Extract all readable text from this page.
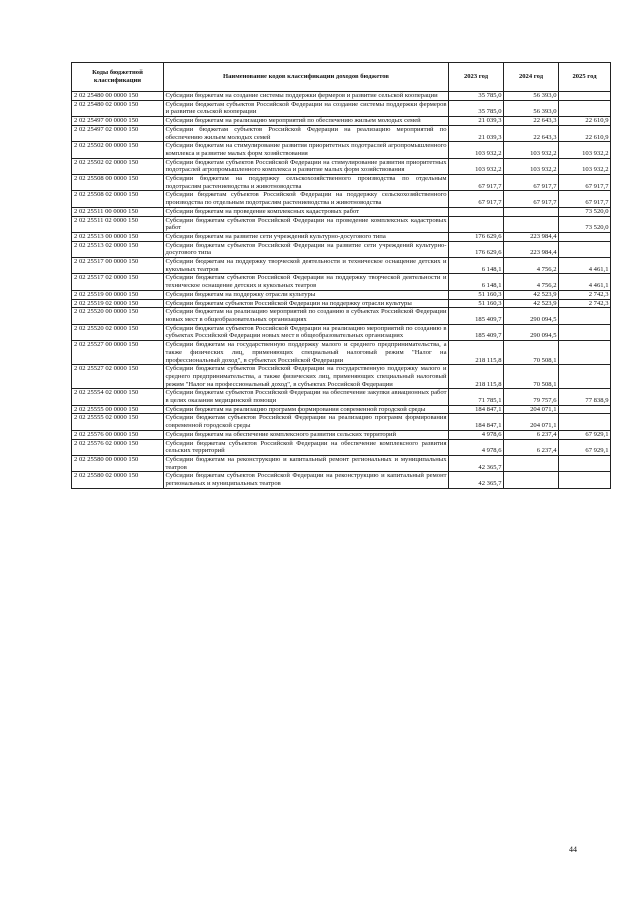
Коды бюджетной классификации	Наименование кодов классификации доходов бюджетов	2023 год	2024 год	2025 год
2 02 25480 00 0000 150	Субсидии бюджетам на создание системы поддержки фермеров и развитие сельской кооперации	35 785,0	56 393,0	
2 02 25480 02 0000 150	Субсидии бюджетам субъектов Российской Федерации на создание системы поддержки фермеров и развитие сельской кооперации	35 785,0	56 393,0	
2 02 25497 00 0000 150	Субсидии бюджетам на реализацию мероприятий по обеспечению жильем молодых семей	21 039,3	22 643,3	22 610,9
2 02 25497 02 0000 150	Субсидии бюджетам субъектов Российской Федерации на реализацию мероприятий по обеспечению жильем молодых семей	21 039,3	22 643,3	22 610,9
2 02 25502 00 0000 150	Субсидии бюджетам на стимулирование развития приоритетных подотраслей агропромышленного комплекса и развитие малых форм хозяйствования	103 932,2	103 932,2	103 932,2
2 02 25502 02 0000 150	Субсидии бюджетам субъектов Российской Федерации на стимулирование развития приоритетных подотраслей агропромышленного комплекса и развитие малых форм хозяйствования	103 932,2	103 932,2	103 932,2
2 02 25508 00 0000 150	Субсидии бюджетам на поддержку сельскохозяйственного производства по отдельным подотраслям растениеводства и животноводства	67 917,7	67 917,7	67 917,7
2 02 25508 02 0000 150	Субсидии бюджетам субъектов Российской Федерации на поддержку сельскохозяйственного производства по отдельным подотраслям растениеводства и животноводства	67 917,7	67 917,7	67 917,7
2 02 25511 00 0000 150	Субсидии бюджетам на проведение комплексных кадастровых работ			73 520,0
2 02 25511 02 0000 150	Субсидии бюджетам субъектов Российской Федерации на проведение комплексных кадастровых работ			73 520,0
2 02 25513 00 0000 150	Субсидии бюджетам на развитие сети учреждений культурно-досугового типа	176 629,6	223 984,4	
2 02 25513 02 0000 150	Субсидии бюджетам субъектов Российской Федерации на развитие сети учреждений культурно-досугового типа	176 629,6	223 984,4	
2 02 25517 00 0000 150	Субсидии бюджетам на поддержку творческой деятельности и техническое оснащение детских и кукольных театров	6 148,1	4 756,2	4 461,1
2 02 25517 02 0000 150	Субсидии бюджетам субъектов Российской Федерации на поддержку творческой деятельности и техническое оснащение детских и кукольных театров	6 148,1	4 756,2	4 461,1
2 02 25519 00 0000 150	Субсидии бюджетам на поддержку отрасли культуры	51 160,3	42 523,9	2 742,3
2 02 25519 02 0000 150	Субсидии бюджетам субъектов Российской Федерации на поддержку отрасли культуры	51 160,3	42 523,9	2 742,3
2 02 25520 00 0000 150	Субсидии бюджетам на реализацию мероприятий по созданию в субъектах Российской Федерации новых мест в общеобразовательных организациях	185 409,7	290 094,5	
2 02 25520 02 0000 150	Субсидии бюджетам субъектов Российской Федерации на реализацию мероприятий по созданию в субъектах Российской Федерации новых мест в общеобразовательных организациях	185 409,7	290 094,5	
2 02 25527 00 0000 150	Субсидии бюджетам на государственную поддержку малого и среднего предпринимательства, а также физических лиц, применяющих специальный налоговый режим "Налог на профессиональный доход", в субъектах Российской Федерации	218 115,8	70 508,1	
2 02 25527 02 0000 150	Субсидии бюджетам субъектов Российской Федерации на государственную поддержку малого и среднего предпринимательства, а также физических лиц, применяющих специальный налоговый режим "Налог на профессиональный доход", в субъектах Российской Федерации	218 115,8	70 508,1	
2 02 25554 02 0000 150	Субсидии бюджетам субъектов Российской Федерации на обеспечение закупки авиационных работ в целях оказания медицинской помощи	71 785,1	79 757,6	77 838,9
2 02 25555 00 0000 150	Субсидии бюджетам на реализацию программ формирования современной городской среды	184 847,1	204 071,1	
2 02 25555 02 0000 150	Субсидии бюджетам субъектов Российской Федерации на реализацию программ формирования современной городской среды	184 847,1	204 071,1	
2 02 25576 00 0000 150	Субсидии бюджетам на обеспечение комплексного развития сельских территорий	4 978,6	6 237,4	67 929,1
2 02 25576 02 0000 150	Субсидии бюджетам субъектов Российской Федерации на обеспечение комплексного развития сельских территорий	4 978,6	6 237,4	67 929,1
2 02 25580 00 0000 150	Субсидии бюджетам на реконструкцию и капитальный ремонт региональных и муниципальных театров	42 365,7		
2 02 25580 02 0000 150	Субсидии бюджетам субъектов Российской Федерации на реконструкцию и капитальный ремонт региональных и муниципальных театров	42 365,7		
44
